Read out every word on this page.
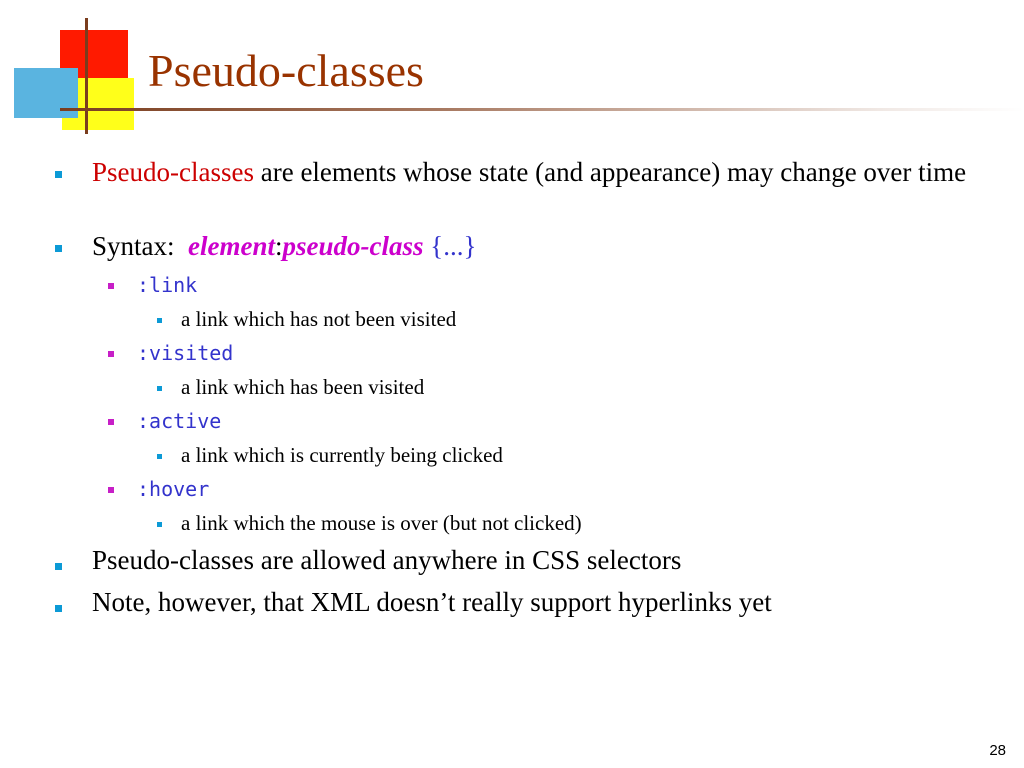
Pseudo-classes
Pseudo-classes are elements whose state (and appearance) may change over time
Syntax: element:pseudo-class {...}
:link
a link which has not been visited
:visited
a link which has been visited
:active
a link which is currently being clicked
:hover
a link which the mouse is over (but not clicked)
Pseudo-classes are allowed anywhere in CSS selectors
Note, however, that XML doesn’t really support hyperlinks yet
28
